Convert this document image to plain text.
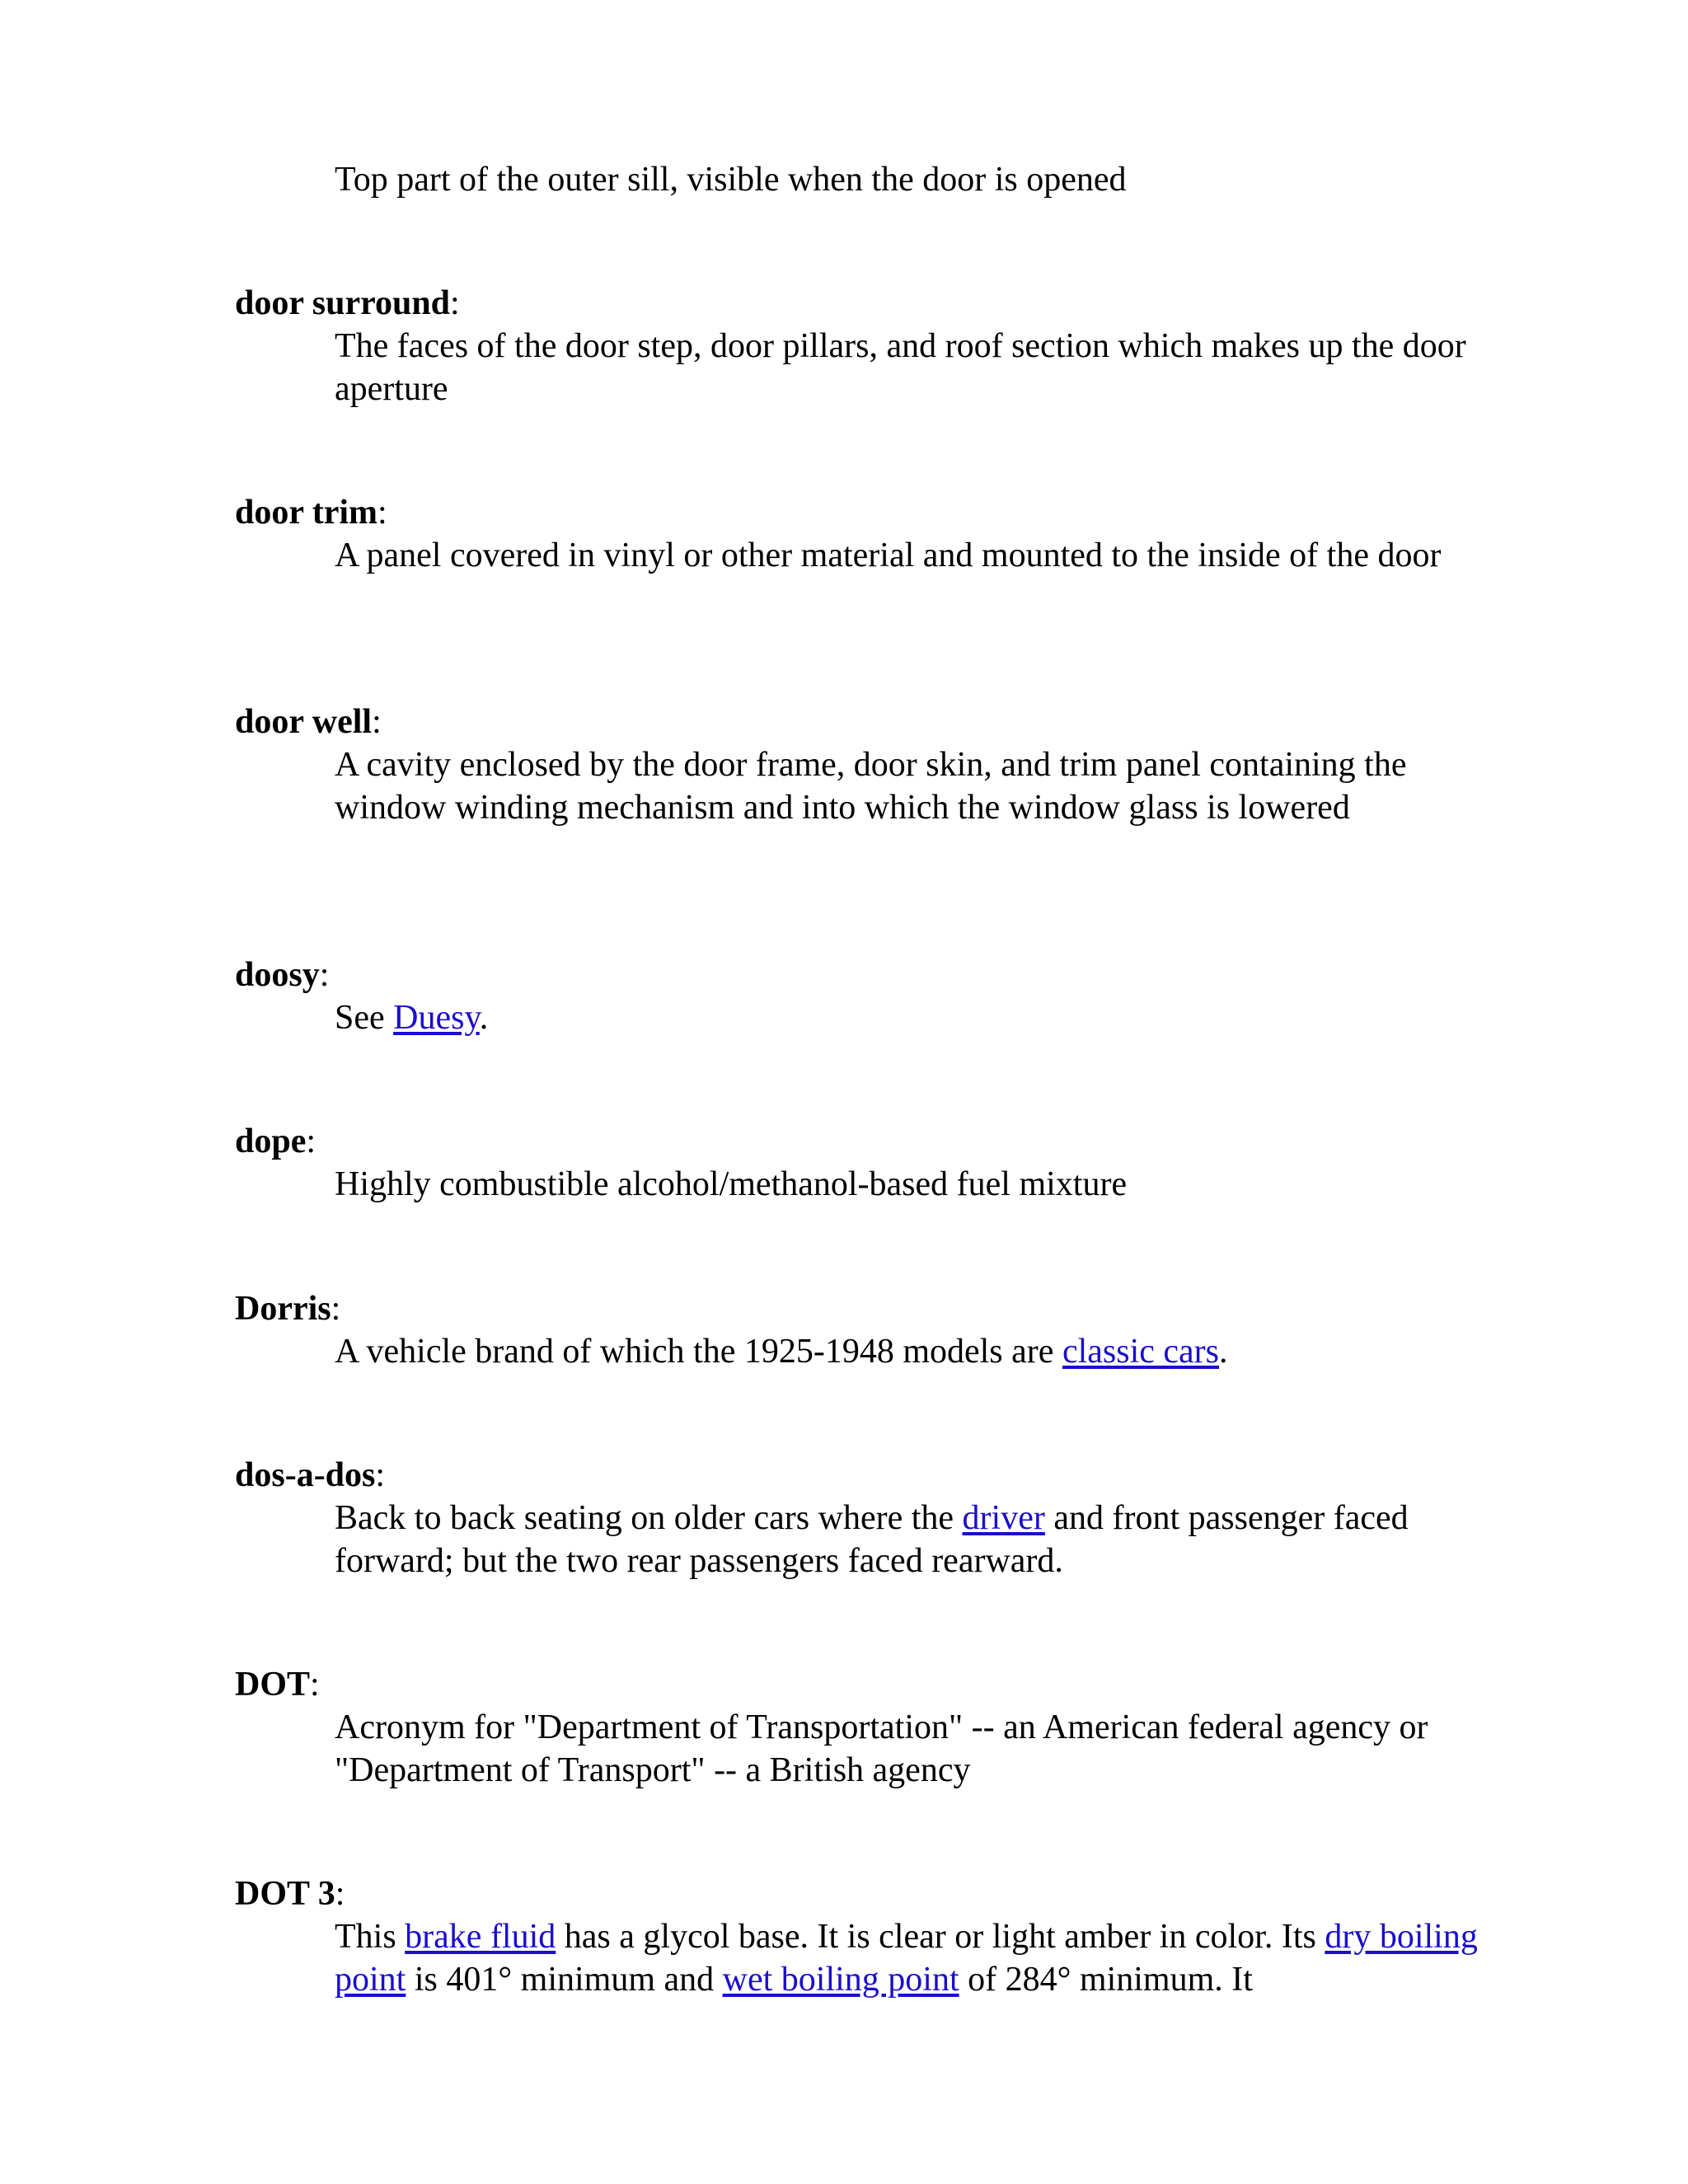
Top part of the outer sill, visible when the door is opened

door surround:

The faces of the door step, door pillars, and roof section which makes up the door aperture

door trim:

A panel covered in vinyl or other material and mounted to the inside of the door

door well:

A cavity enclosed by the door frame, door skin, and trim panel containing the window winding mechanism and into which the window glass is lowered

doosy:

See Duesy.

dope:

Highly combustible alcohol/methanol-based fuel mixture

Dorris:

A vehicle brand of which the 1925-1948 models are classic cars.

dos-a-dos:

Back to back seating on older cars where the driver and front passenger faced forward; but the two rear passengers faced rearward.

DOT:

Acronym for "Department of Transportation" -- an American federal agency or "Department of Transport" -- a British agency

DOT 3:

This brake fluid has a glycol base. It is clear or light amber in color. Its dry boiling point is 401° minimum and wet boiling point of 284° minimum. It
